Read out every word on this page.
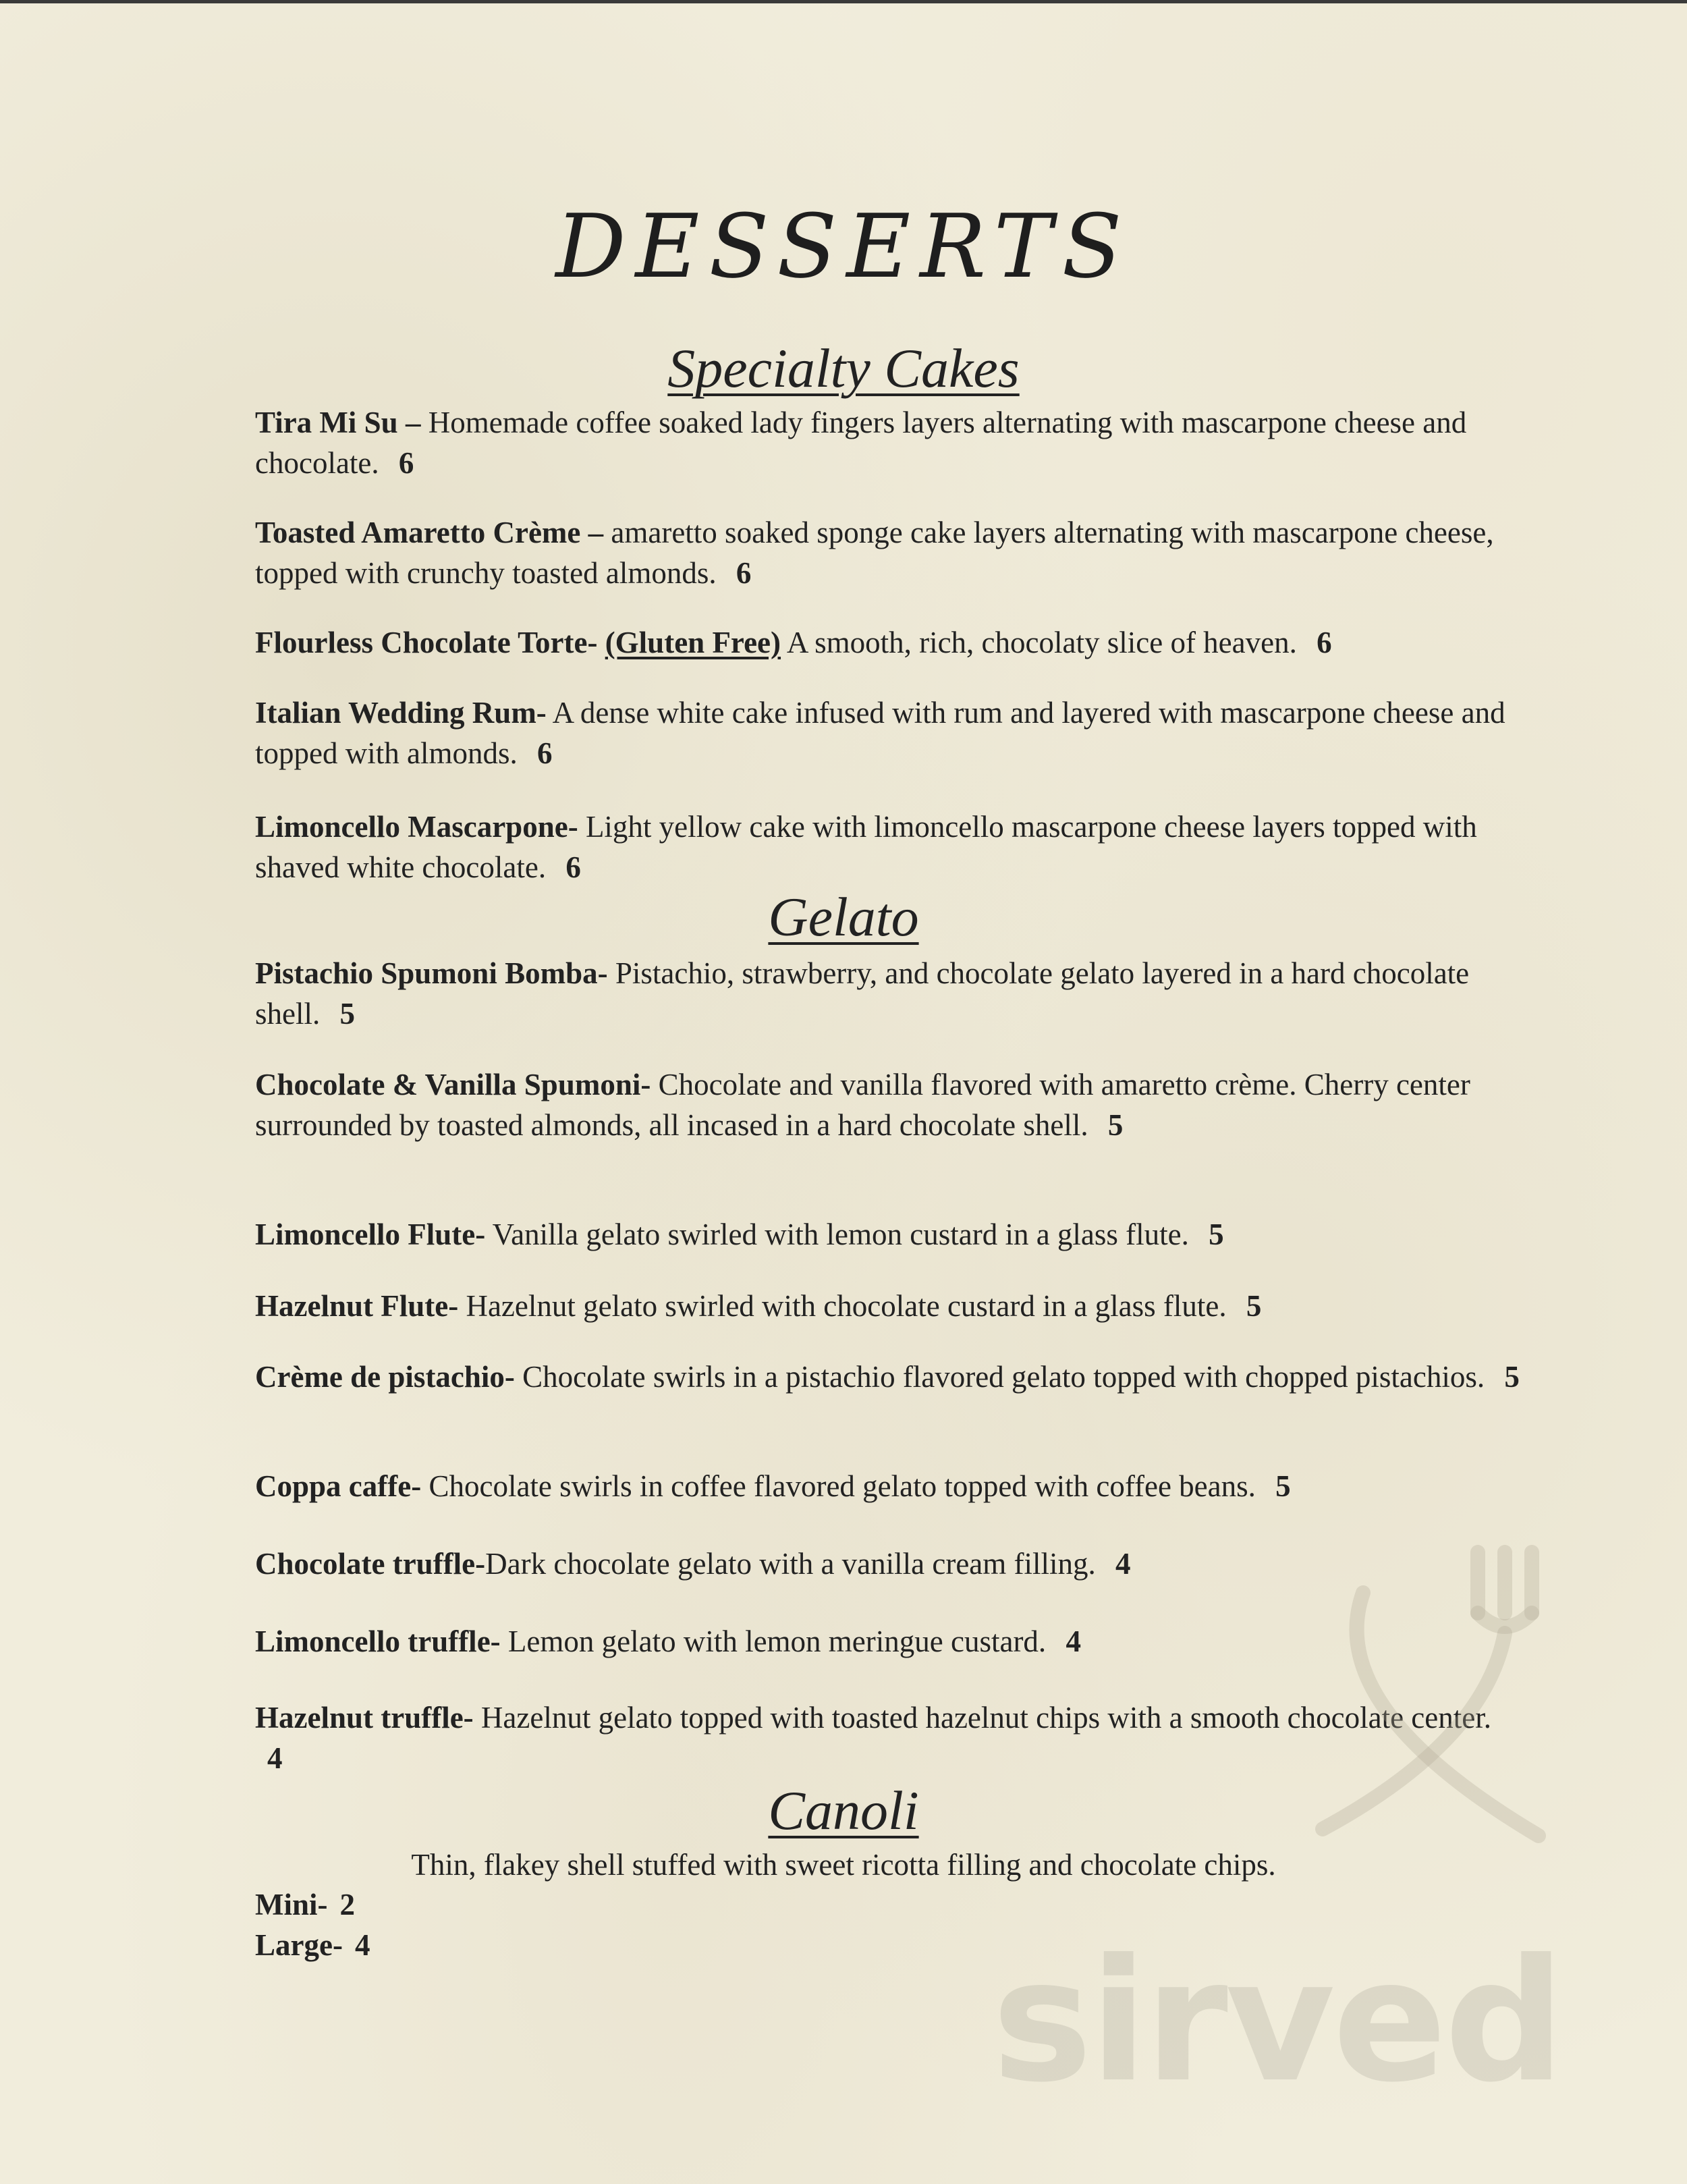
DESSERTS
Specialty Cakes
Tira Mi Su – Homemade coffee soaked lady fingers layers alternating with mascarpone cheese and chocolate. 6
Toasted Amaretto Crème – amaretto soaked sponge cake layers alternating with mascarpone cheese, topped with crunchy toasted almonds. 6
Flourless Chocolate Torte- (Gluten Free) A smooth, rich, chocolaty slice of heaven. 6
Italian Wedding Rum- A dense white cake infused with rum and layered with mascarpone cheese and topped with almonds. 6
Limoncello Mascarpone- Light yellow cake with limoncello mascarpone cheese layers topped with shaved white chocolate. 6
Gelato
Pistachio Spumoni Bomba- Pistachio, strawberry, and chocolate gelato layered in a hard chocolate shell. 5
Chocolate & Vanilla Spumoni- Chocolate and vanilla flavored with amaretto crème. Cherry center surrounded by toasted almonds, all incased in a hard chocolate shell. 5
Limoncello Flute- Vanilla gelato swirled with lemon custard in a glass flute. 5
Hazelnut Flute- Hazelnut gelato swirled with chocolate custard in a glass flute. 5
Crème de pistachio- Chocolate swirls in a pistachio flavored gelato topped with chopped pistachios. 5
Coppa caffe- Chocolate swirls in coffee flavored gelato topped with coffee beans. 5
Chocolate truffle-Dark chocolate gelato with a vanilla cream filling. 4
Limoncello truffle- Lemon gelato with lemon meringue custard. 4
Hazelnut truffle- Hazelnut gelato topped with toasted hazelnut chips with a smooth chocolate center. 4
Canoli
Thin, flakey shell stuffed with sweet ricotta filling and chocolate chips.
Mini- 2
Large- 4	sirved
